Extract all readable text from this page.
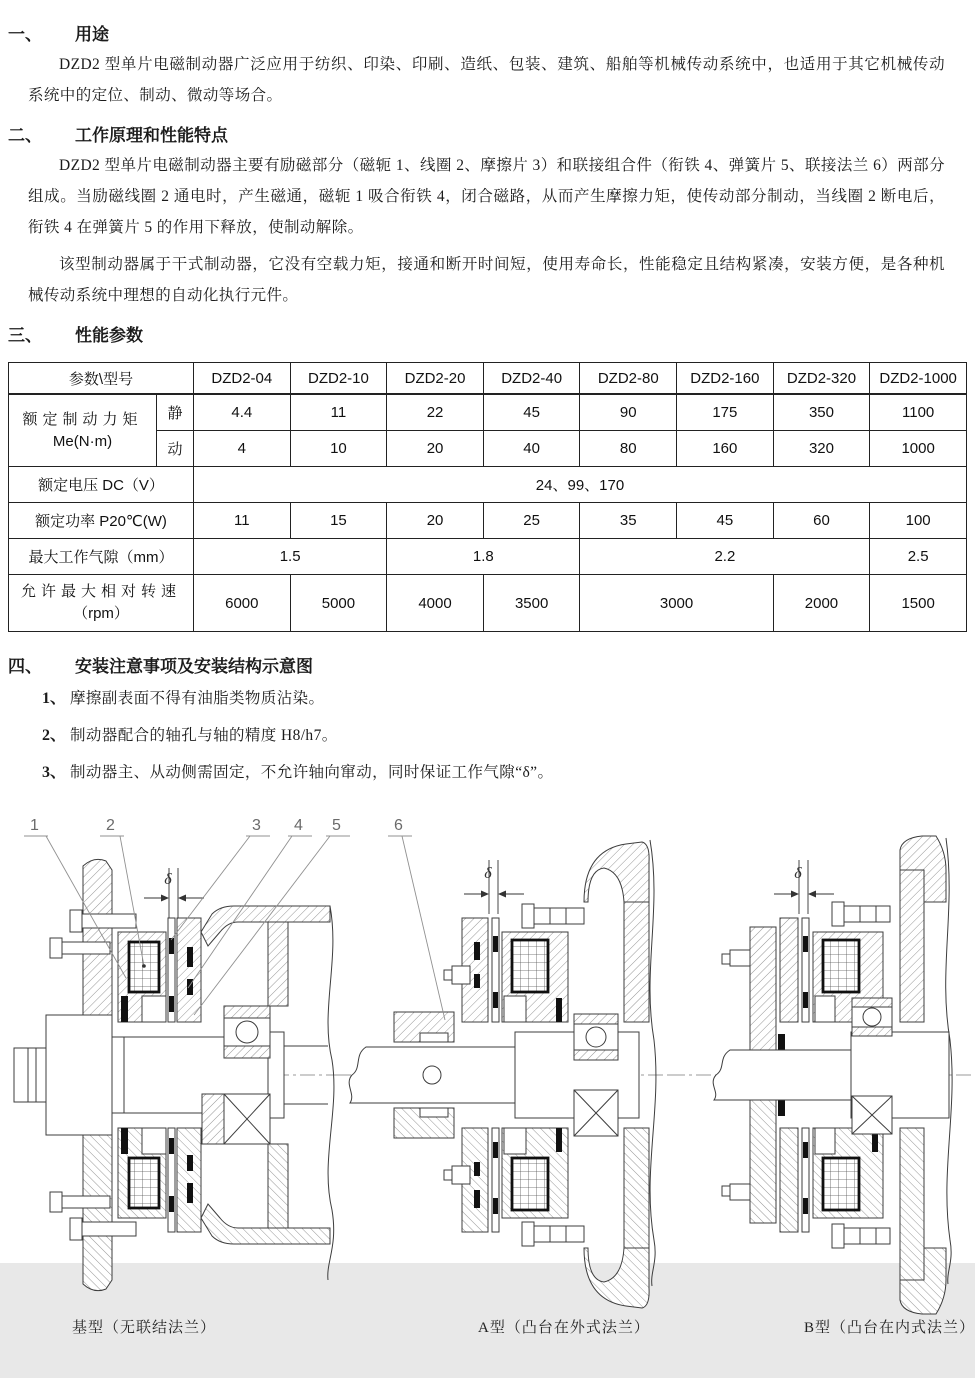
一、	用途

DZD2 型单片电磁制动器广泛应用于纺织、印染、印刷、造纸、包装、建筑、船舶等机械传动系统中，也适用于其它机械传动系统中的定位、制动、微动等场合。

二、	工作原理和性能特点

DZD2 型单片电磁制动器主要有励磁部分（磁轭 1、线圈 2、摩擦片 3）和联接组合件（衔铁 4、弹簧片 5、联接法兰 6）两部分组成。当励磁线圈 2 通电时，产生磁通，磁轭 1 吸合衔铁 4，闭合磁路，从而产生摩擦力矩，使传动部分制动，当线圈 2 断电后，衔铁 4 在弹簧片 5 的作用下释放，使制动解除。

该型制动器属于干式制动器，它没有空载力矩，接通和断开时间短，使用寿命长，性能稳定且结构紧凑，安装方便，是各种机械传动系统中理想的自动化执行元件。

三、	性能参数
参数\型号		DZD2-04	DZD2-10	DZD2-20	DZD2-40	DZD2-80	DZD2-160	DZD2-320	DZD2-1000

额定制动力矩
Me(N·m)	静	4.4	11	22	45	90	175	350	1100
	动	4	10	20	40	80	160	320	1000
额定电压 DC（V）		24、99、170							
额定功率 P20℃(W)		11	15	20	25	35	45	60	100
最大工作气隙（mm）		1.5		1.8		2.2			2.5

允许最大相对转速
（rpm）		6000	5000	4000	3500	3000		2000	1500
四、	安装注意事项及安装结构示意图
1、 摩擦副表面不得有油脂类物质沾染。
2、 制动器配合的轴孔与轴的精度 H8/h7。
3、 制动器主、从动侧需固定，不允许轴向窜动，同时保证工作气隙“δ”。
δ	δ	δ
1	2	3 4 5	6
基型（无联结法兰）	A型（凸台在外式法兰）	B型（凸台在内式法兰）
